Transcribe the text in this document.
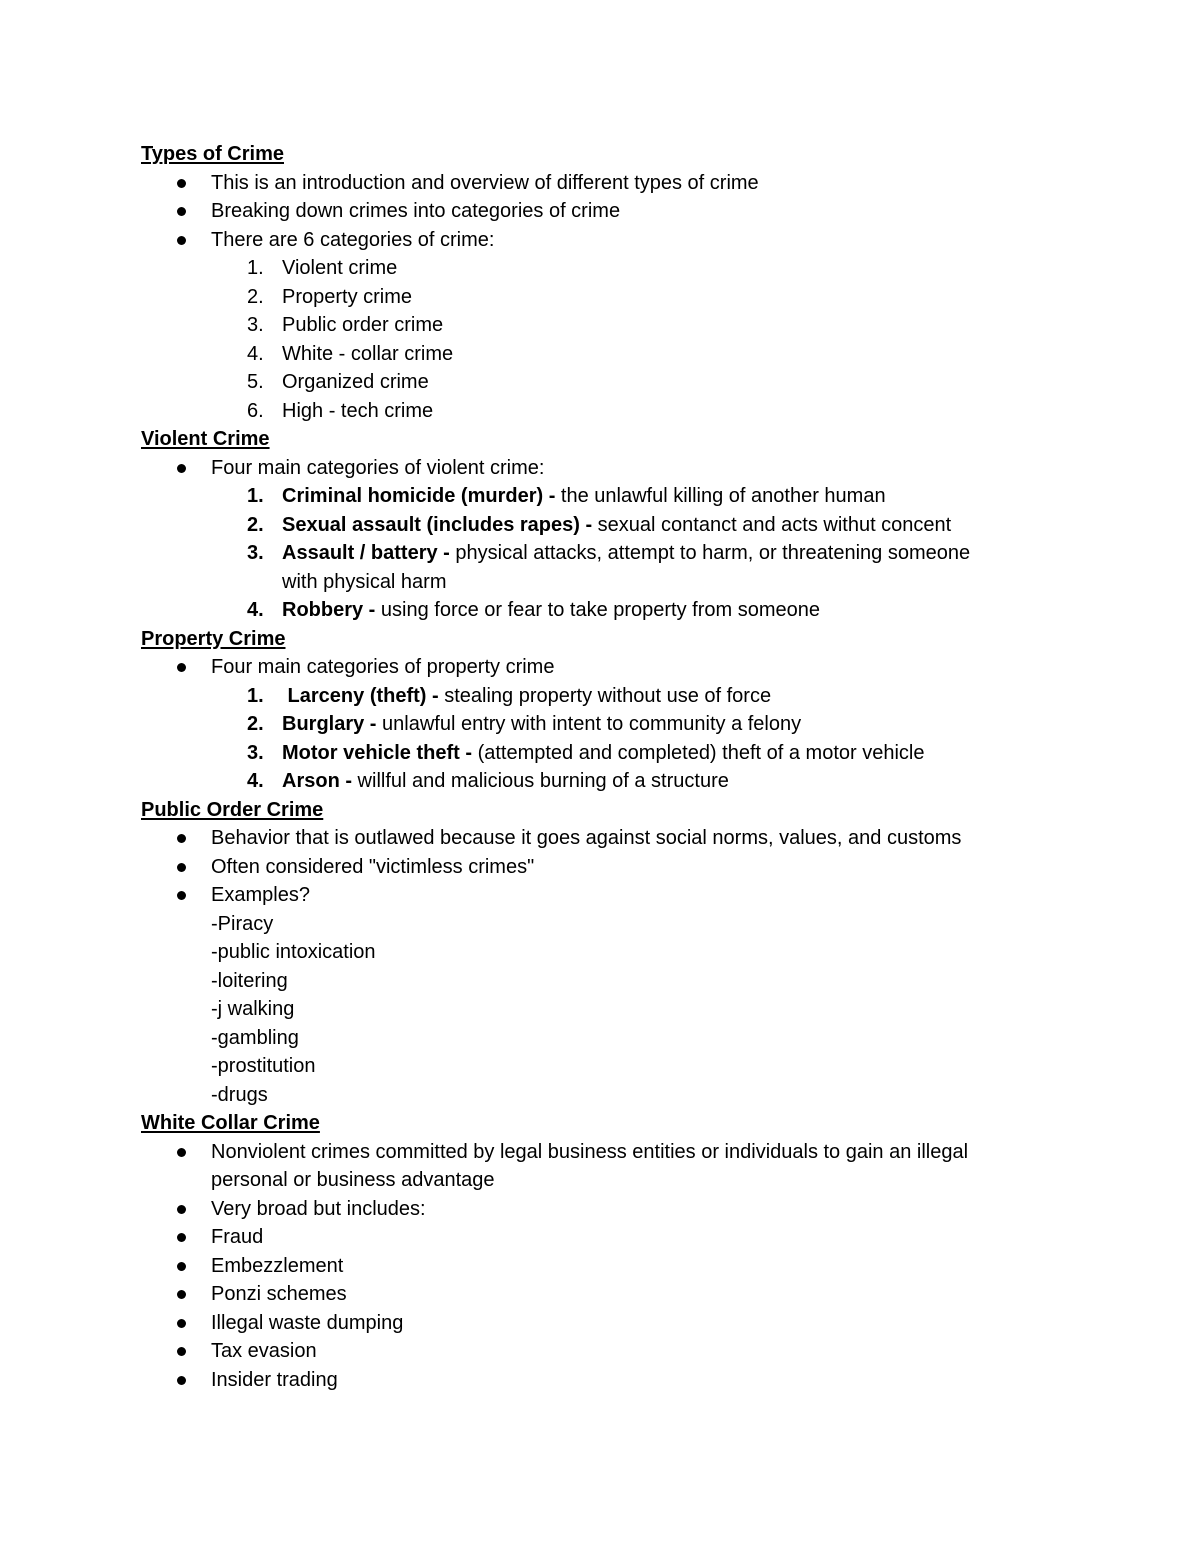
Types of Crime
This is an introduction and overview of different types of crime
Breaking down crimes into categories of crime
There are 6 categories of crime:
1. Violent crime
2. Property crime
3. Public order crime
4. White - collar crime
5. Organized crime
6. High - tech crime
Violent Crime
Four main categories of violent crime:
1. Criminal homicide (murder) - the unlawful killing of another human
2. Sexual assault (includes rapes) - sexual contanct and acts withut concent
3. Assault / battery - physical attacks, attempt to harm, or threatening someone
with physical harm
4. Robbery - using force or fear to take property from someone
Property Crime
Four main categories of property crime
1. Larceny (theft) - stealing property without use of force
2. Burglary - unlawful entry with intent to community a felony
3. Motor vehicle theft - (attempted and completed) theft of a motor vehicle
4. Arson - willful and malicious burning of a structure
Public Order Crime
Behavior that is outlawed because it goes against social norms, values, and customs
Often considered "victimless crimes"
Examples?
-Piracy
-public intoxication
-loitering
-j walking
-gambling
-prostitution
-drugs
White Collar Crime
Nonviolent crimes committed by legal business entities or individuals to gain an illegal
personal or business advantage
Very broad but includes:
Fraud
Embezzlement
Ponzi schemes
Illegal waste dumping
Tax evasion
Insider trading
